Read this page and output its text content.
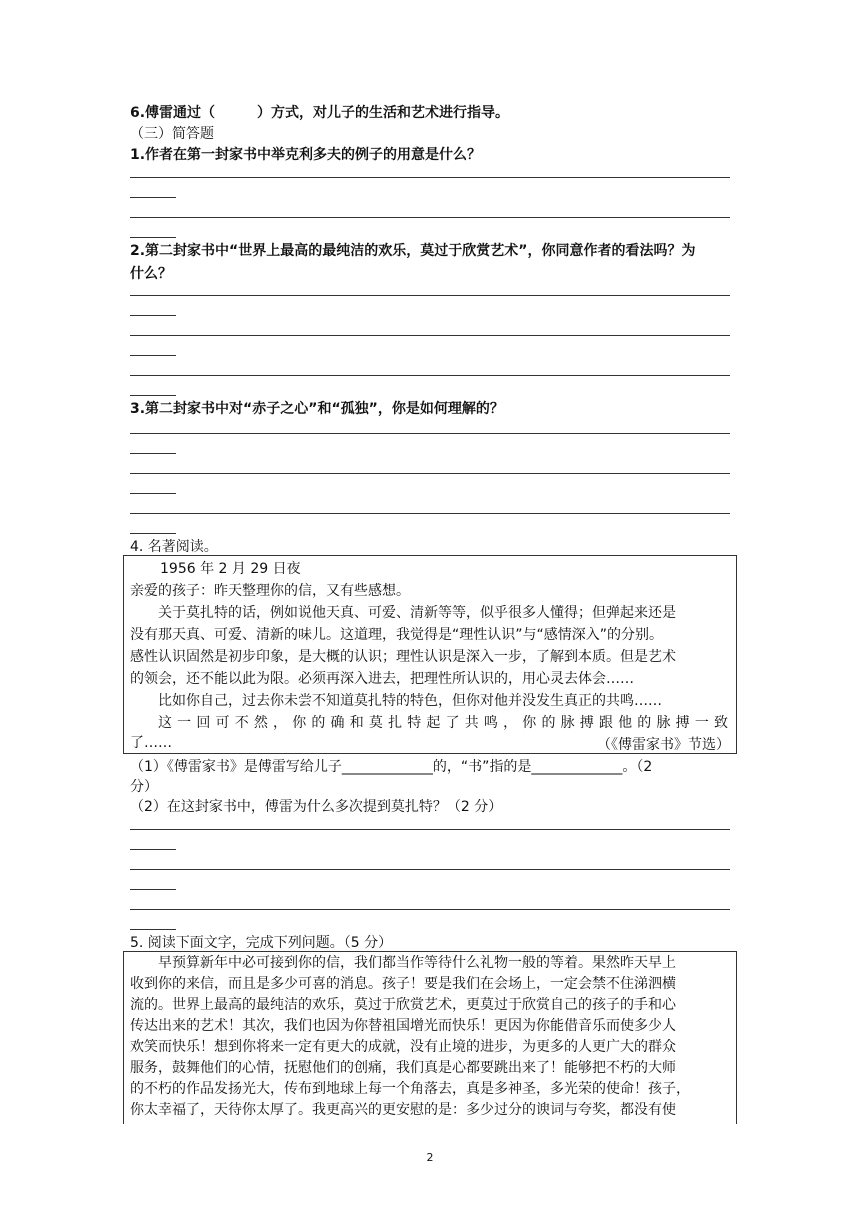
6.傅雷通过（　　　）方式，对儿子的生活和艺术进行指导。
（三）简答题
1.作者在第一封家书中举克利多夫的例子的用意是什么？
2.第二封家书中“世界上最高的最纯洁的欢乐，莫过于欣赏艺术”，你同意作者的看法吗？为
什么？
3.第二封家书中对“赤子之心”和“孤独”，你是如何理解的？
4. 名著阅读。
1956 年 2 月 29 日夜
亲爱的孩子：昨天整理你的信，又有些感想。
关于莫扎特的话，例如说他天真、可爱、清新等等，似乎很多人懂得；但弹起来还是
没有那天真、可爱、清新的味儿。这道理，我觉得是“理性认识”与“感情深入”的分别。
感性认识固然是初步印象，是大概的认识；理性认识是深入一步，了解到本质。但是艺术
的领会，还不能以此为限。必须再深入进去，把理性所认识的，用心灵去体会……
比如你自己，过去你未尝不知道莫扎特的特色，但你对他并没发生真正的共鸣……
这一回可不然，你的确和莫扎特起了共鸣，你的脉搏跟他的脉搏一致
了……	（《傅雷家书》节选）
（1）《傅雷家书》是傅雷写给儿子_____________的，“书”指的是_____________。（2
分）
（2）在这封家书中，傅雷为什么多次提到莫扎特？（2 分）
5. 阅读下面文字，完成下列问题。（5 分）
早预算新年中必可接到你的信，我们都当作等待什么礼物一般的等着。果然昨天早上
收到你的来信，而且是多少可喜的消息。孩子！要是我们在会场上，一定会禁不住涕泗横
流的。世界上最高的最纯洁的欢乐，莫过于欣赏艺术，更莫过于欣赏自己的孩子的手和心
传达出来的艺术！其次，我们也因为你替祖国增光而快乐！更因为你能借音乐而使多少人
欢笑而快乐！想到你将来一定有更大的成就，没有止境的进步，为更多的人更广大的群众
服务，鼓舞他们的心情，抚慰他们的创痛，我们真是心都要跳出来了！能够把不朽的大师
的不朽的作品发扬光大，传布到地球上每一个角落去，真是多神圣，多光荣的使命！孩子，
你太幸福了，天待你太厚了。我更高兴的更安慰的是：多少过分的谀词与夸奖，都没有使
2
